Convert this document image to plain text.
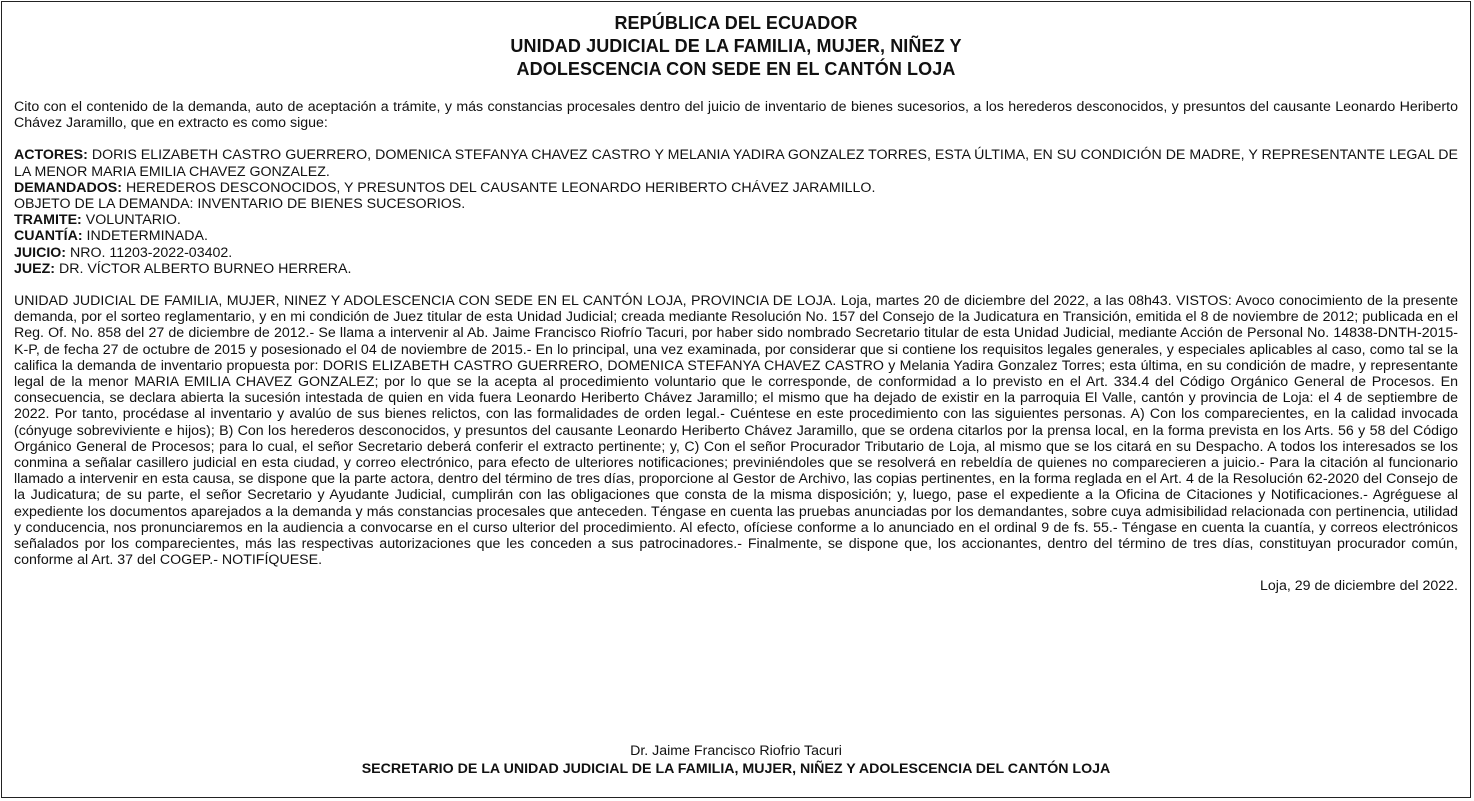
REPÚBLICA DEL ECUADOR
UNIDAD JUDICIAL DE LA FAMILIA, MUJER, NIÑEZ Y
ADOLESCENCIA CON SEDE EN EL CANTÓN LOJA

Cito con el contenido de la demanda, auto de aceptación a trámite, y más constancias procesales dentro del juicio de inventario de bienes sucesorios, a los herederos desconocidos, y presuntos del causante Leonardo Heriberto Chávez Jaramillo, que en extracto es como sigue:

ACTORES: DORIS ELIZABETH CASTRO GUERRERO, DOMENICA STEFANYA CHAVEZ CASTRO Y MELANIA YADIRA GONZALEZ TORRES, ESTA ÚLTIMA, EN SU CONDICIÓN DE MADRE, Y REPRESENTANTE LEGAL DE LA MENOR MARIA EMILIA CHAVEZ GONZALEZ.

DEMANDADOS: HEREDEROS DESCONOCIDOS, Y PRESUNTOS DEL CAUSANTE LEONARDO HERIBERTO CHÁVEZ JARAMILLO.

OBJETO DE LA DEMANDA: INVENTARIO DE BIENES SUCESORIOS.

TRAMITE: VOLUNTARIO.

CUANTÍA: INDETERMINADA.

JUICIO: NRO. 11203-2022-03402.

JUEZ: DR. VÍCTOR ALBERTO BURNEO HERRERA.

UNIDAD JUDICIAL DE FAMILIA, MUJER, NINEZ Y ADOLESCENCIA CON SEDE EN EL CANTÓN LOJA, PROVINCIA DE LOJA. Loja, martes 20 de diciembre del 2022, a las 08h43. VISTOS: Avoco conocimiento de la presente demanda, por el sorteo reglamentario, y en mi condición de Juez titular de esta Unidad Judicial; creada mediante Resolución No. 157 del Consejo de la Judicatura en Transición, emitida el 8 de noviembre de 2012; publicada en el Reg. Of. No. 858 del 27 de diciembre de 2012.- Se llama a intervenir al Ab. Jaime Francisco Riofrío Tacuri, por haber sido nombrado Secretario titular de esta Unidad Judicial, mediante Acción de Personal No. 14838-DNTH-2015-K-P, de fecha 27 de octubre de 2015 y posesionado el 04 de noviembre de 2015.- En lo principal, una vez examinada, por considerar que si contiene los requisitos legales generales, y especiales aplicables al caso, como tal se la califica la demanda de inventario propuesta por: DORIS ELIZABETH CASTRO GUERRERO, DOMENICA STEFANYA CHAVEZ CASTRO y Melania Yadira Gonzalez Torres; esta última, en su condición de madre, y representante legal de la menor MARIA EMILIA CHAVEZ GONZALEZ; por lo que se la acepta al procedimiento voluntario que le corresponde, de conformidad a lo previsto en el Art. 334.4 del Código Orgánico General de Procesos. En consecuencia, se declara abierta la sucesión intestada de quien en vida fuera Leonardo Heriberto Chávez Jaramillo; el mismo que ha dejado de existir en la parroquia El Valle, cantón y provincia de Loja: el 4 de septiembre de 2022. Por tanto, procédase al inventario y avalúo de sus bienes relictos, con las formalidades de orden legal.- Cuéntese en este procedimiento con las siguientes personas. A) Con los comparecientes, en la calidad invocada (cónyuge sobreviviente e hijos); B) Con los herederos desconocidos, y presuntos del causante Leonardo Heriberto Chávez Jaramillo, que se ordena citarlos por la prensa local, en la forma prevista en los Arts. 56 y 58 del Código Orgánico General de Procesos; para lo cual, el señor Secretario deberá conferir el extracto pertinente; y, C) Con el señor Procurador Tributario de Loja, al mismo que se los citará en su Despacho. A todos los interesados se los conmina a señalar casillero judicial en esta ciudad, y correo electrónico, para efecto de ulteriores notificaciones; previniéndoles que se resolverá en rebeldía de quienes no comparecieren a juicio.- Para la citación al funcionario llamado a intervenir en esta causa, se dispone que la parte actora, dentro del término de tres días, proporcione al Gestor de Archivo, las copias pertinentes, en la forma reglada en el Art. 4 de la Resolución 62-2020 del Consejo de la Judicatura; de su parte, el señor Secretario y Ayudante Judicial, cumplirán con las obligaciones que consta de la misma disposición; y, luego, pase el expediente a la Oficina de Citaciones y Notificaciones.- Agréguese al expediente los documentos aparejados a la demanda y más constancias procesales que anteceden. Téngase en cuenta las pruebas anunciadas por los demandantes, sobre cuya admisibilidad relacionada con pertinencia, utilidad y conducencia, nos pronunciaremos en la audiencia a convocarse en el curso ulterior del procedimiento. Al efecto, ofíciese conforme a lo anunciado en el ordinal 9 de fs. 55.- Téngase en cuenta la cuantía, y correos electrónicos señalados por los comparecientes, más las respectivas autorizaciones que les conceden a sus patrocinadores.- Finalmente, se dispone que, los accionantes, dentro del término de tres días, constituyan procurador común, conforme al Art. 37 del COGEP.- NOTIFÍQUESE.

Loja, 29 de diciembre del 2022.

Dr. Jaime Francisco Riofrio Tacuri
SECRETARIO DE LA UNIDAD JUDICIAL DE LA FAMILIA, MUJER, NIÑEZ Y ADOLESCENCIA DEL CANTÓN LOJA
